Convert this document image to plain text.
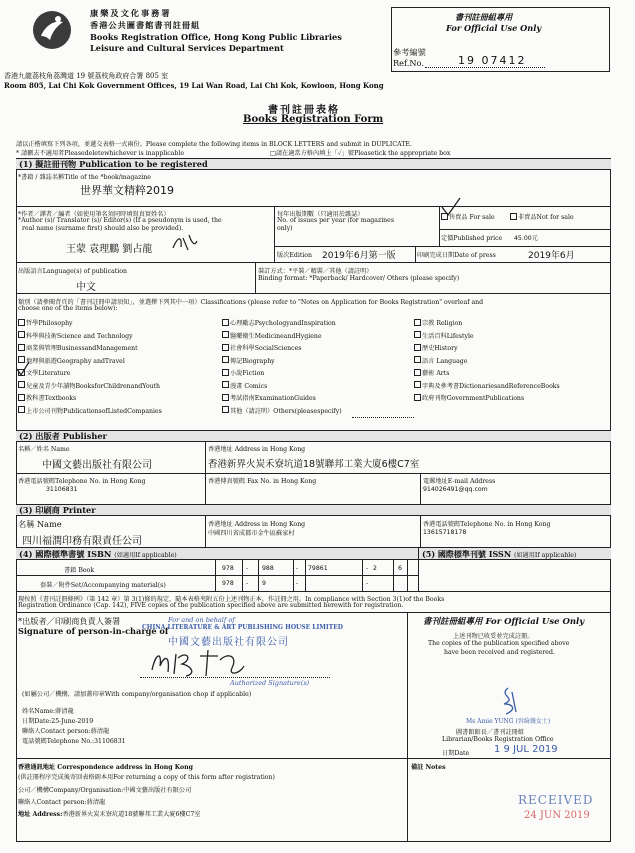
康樂及文化事務署
香港公共圖書館書刊註冊組
Books Registration Office, Hong Kong Public Libraries
Leisure and Cultural Services Department
香港九龍荔枝角荔灣道 19 號荔枝角政府合署 805 室
Room 805, Lai Chi Kok Government Offices, 19 Lai Wan Road, Lai Chi Kok, Kowloon, Hong Kong
書刊註冊組專用
For Official Use Only
參考編號
Ref.No.	19 07412
書刊註冊表格
Books Registration Form
請以正楷填寫下列各項，並遞交表格一式兩份。Please complete the following items in BLOCK LETTERS and submit in DUPLICATE.
* 請刪去不適用者Pleasedeletewhichever is inapplicable	□請在適當方格內填上「✓」號Pleasetick the appropriate box
(1) 擬註冊刊物 Publication to be registered
*書籍 / 雜誌名稱Title of the *book/magazine
世界華文精粹2019
*作者／譯者／編者（如使用筆名須同時填寫真實姓名）
*Author (s)/ Translator (s)/ Editor(s) (If a pseudonym is used, the
real name (surname first) should also be provided).
王蒙 袁理鵬 劉占龍
每年出版期數（只適用於雜誌）
No. of issues per year (for magazines
only)
售賣品 For sale	非賣品Not for sale
定價Published price 45.00元
版次Edition 2019年6月第一版	印刷完成日期Date of press	2019年6月
出版語言Language(s) of publication
中文
裝訂方式：*平裝／精裝／其他（請註明）
Binding format: *Paperback/ Hardcover/ Others (please specify)
類別（請參閱背頁的「書刊註冊申請須知」，並選擇下列其中一項）Classifications (please refer to "Notes on Application for Books Registration" overleaf and
choose one of the items below):
哲學Philosophy
科學與技術Science and Technology
商業與管理BusinessandManagement
地理與旅遊Geography andTravel
文學Literature
兒童及青少年讀物BooksforChildrenandYouth
教科書Textbooks
上市公司刊物PublicationsofListedCompanies
心理勵志PsychologyandInspiration
醫藥衛生MedicineandHygiene
社會科學SocialSciences
傳記Biography
小說Fiction
漫畫 Comics
考試指南ExaminationGuides
其他（請註明）Others(pleasespecify)
宗教 Religion
生活百科Lifestyle
歷史History
語言 Language
藝術 Arts
字典及參考書DictionariesandReferenceBooks
政府刊物GovernmentPublications
(2) 出版者 Publisher
名稱／姓名 Name
中國文藝出版社有限公司
香港地址 Address in Hong Kong
香港新界火炭禾寮坑道18號聯邦工業大廈6樓C7室
香港電話號碼Telephone No. in Hong Kong
31106831
香港傳真號碼 Fax No. in Hong Kong	電郵地址E-mail Address
914026491@qq.com
(3) 印刷商 Printer
名稱 Name
四川福潤印務有限責任公司
香港地址 Address in Hong Kong
中國四川省成都市金牛區蘇家村
香港電話號碼Telephone No. in Hong Kong
13615718178
(4) 國際標準書號 ISBN (如適用If applicable)	(5) 國際標準刊號 ISSN (如適用If applicable)
書籍 Book
套裝／附件Set/Accompanying material(s)
978 - 988	- 79861	- 2	6
978 - 9	-	-
現按照《書刊註冊條例》（第 142 章）第 3(1)條的規定，隨本表格夾附五份上述刊物正本，作註冊之用。In compliance with Section 3(1)of the Books
Registration Ordinance (Cap. 142), FIVE copies of the publication specified above are submitted herewith for registration.
*出版者／印刷商負責人簽署
Signature of person-in-charge of
For and on behalf of
CHINA LITERATURE & ART PUBLISHING HOUSE LIMITED
中國文藝出版社有限公司
Authorized Signature(s)
(如屬公司／機構，請加蓋印章With company/organisation chop if applicable)
姓名Name:蔣清龍
日期Date:25-June-2019
聯絡人Contact person:蔣清龍
電話號碼Telephone No.:31106831
書刊註冊組專用 For Official Use Only
上述刊物已收妥並完成註冊。
The copies of the publication specified above
have been received and registered.
Ms Amie YUNG (容綺薇女士)
圖書館館長／書刊註冊組
Librarian/Books Registration Office
日期Date 1 9 JUL 2019
香港通訊地址 Correspondence address in Hong Kong
(供註冊程序完成後寄回表格副本用For returning a copy of this form after registration)
公司／機構Company/Organisation:中國文藝出版社有限公司
聯絡人Contact person:蔣清龍
地址 Address:香港新界火炭禾寮坑道18號聯邦工業大廈6樓C7室
備註 Notes
RECEIVED
24 JUN 2019
